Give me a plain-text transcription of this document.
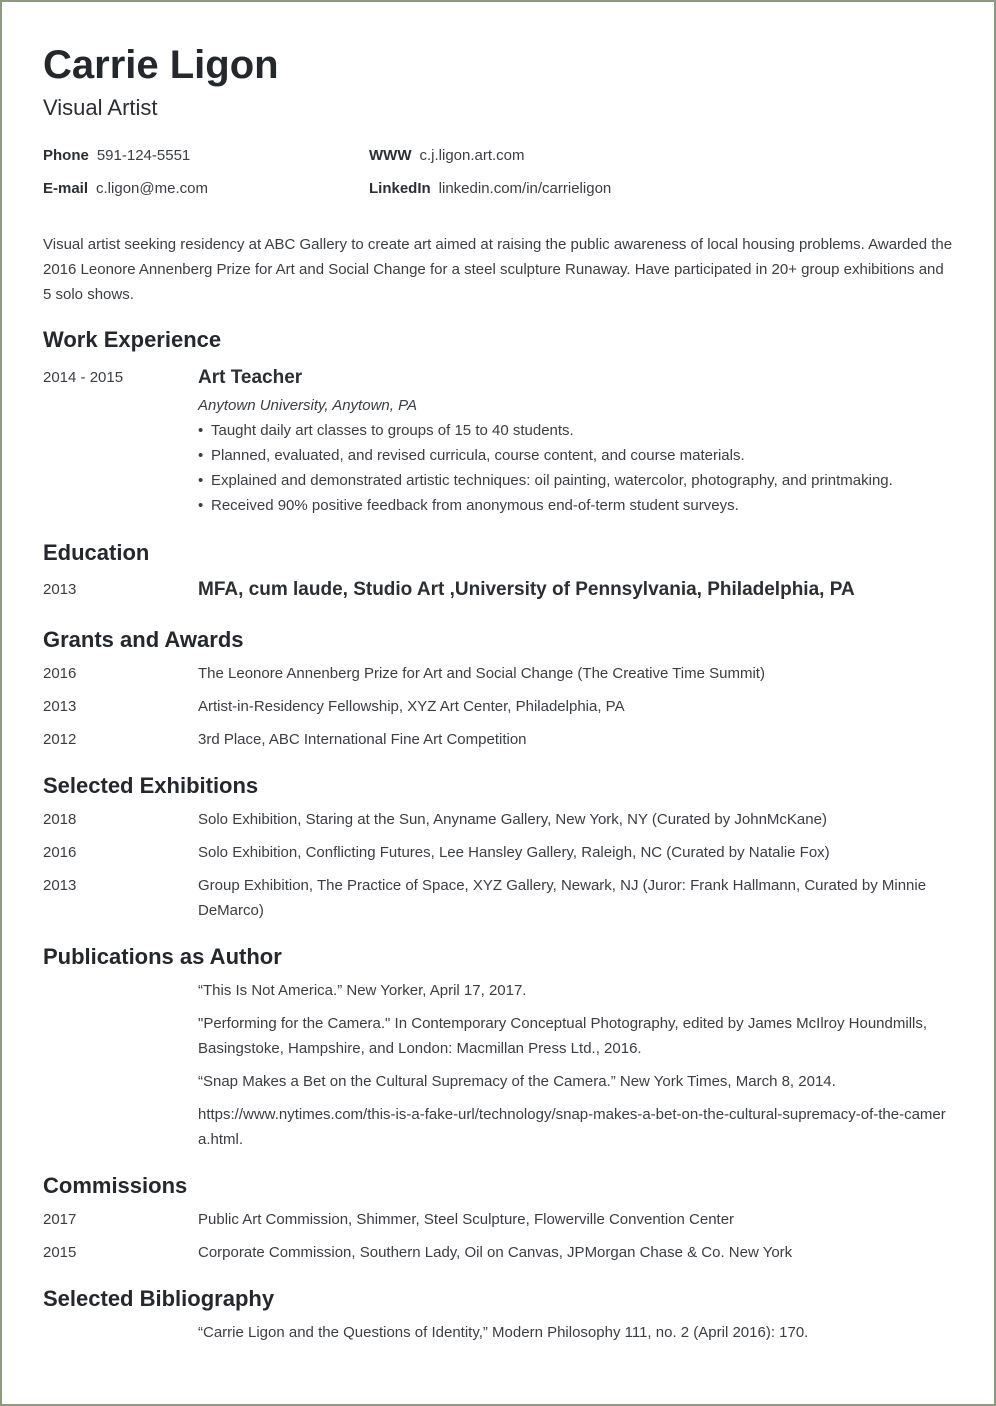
Carrie Ligon
Visual Artist
Phone 591-124-5551	WWW c.j.ligon.art.com
E-mail c.ligon@me.com	LinkedIn linkedin.com/in/carrieligon
Visual artist seeking residency at ABC Gallery to create art aimed at raising the public awareness of local housing problems. Awarded the 2016 Leonore Annenberg Prize for Art and Social Change for a steel sculpture Runaway. Have participated in 20+ group exhibitions and 5 solo shows.
Work Experience
2014 - 2015	Art Teacher
Anytown University, Anytown, PA
• Taught daily art classes to groups of 15 to 40 students.
• Planned, evaluated, and revised curricula, course content, and course materials.
• Explained and demonstrated artistic techniques: oil painting, watercolor, photography, and printmaking.
• Received 90% positive feedback from anonymous end-of-term student surveys.
Education
2013	MFA, cum laude, Studio Art ,University of Pennsylvania, Philadelphia, PA
Grants and Awards
2016	The Leonore Annenberg Prize for Art and Social Change (The Creative Time Summit)
2013	Artist-in-Residency Fellowship, XYZ Art Center, Philadelphia, PA
2012	3rd Place, ABC International Fine Art Competition
Selected Exhibitions
2018	Solo Exhibition, Staring at the Sun, Anyname Gallery, New York, NY (Curated by JohnMcKane)
2016	Solo Exhibition, Conflicting Futures, Lee Hansley Gallery, Raleigh, NC (Curated by Natalie Fox)
2013	Group Exhibition, The Practice of Space, XYZ Gallery, Newark, NJ (Juror: Frank Hallmann, Curated by Minnie DeMarco)
Publications as Author
“This Is Not America.” New Yorker, April 17, 2017.
"Performing for the Camera." In Contemporary Conceptual Photography, edited by James McIlroy Houndmills, Basingstoke, Hampshire, and London: Macmillan Press Ltd., 2016.
“Snap Makes a Bet on the Cultural Supremacy of the Camera.” New York Times, March 8, 2014.
https://www.nytimes.com/this-is-a-fake-url/technology/snap-makes-a-bet-on-the-cultural-supremacy-of-the-camera.html.
Commissions
2017	Public Art Commission, Shimmer, Steel Sculpture, Flowerville Convention Center
2015	Corporate Commission, Southern Lady, Oil on Canvas, JPMorgan Chase & Co. New York
Selected Bibliography
“Carrie Ligon and the Questions of Identity,” Modern Philosophy 111, no. 2 (April 2016): 170.
